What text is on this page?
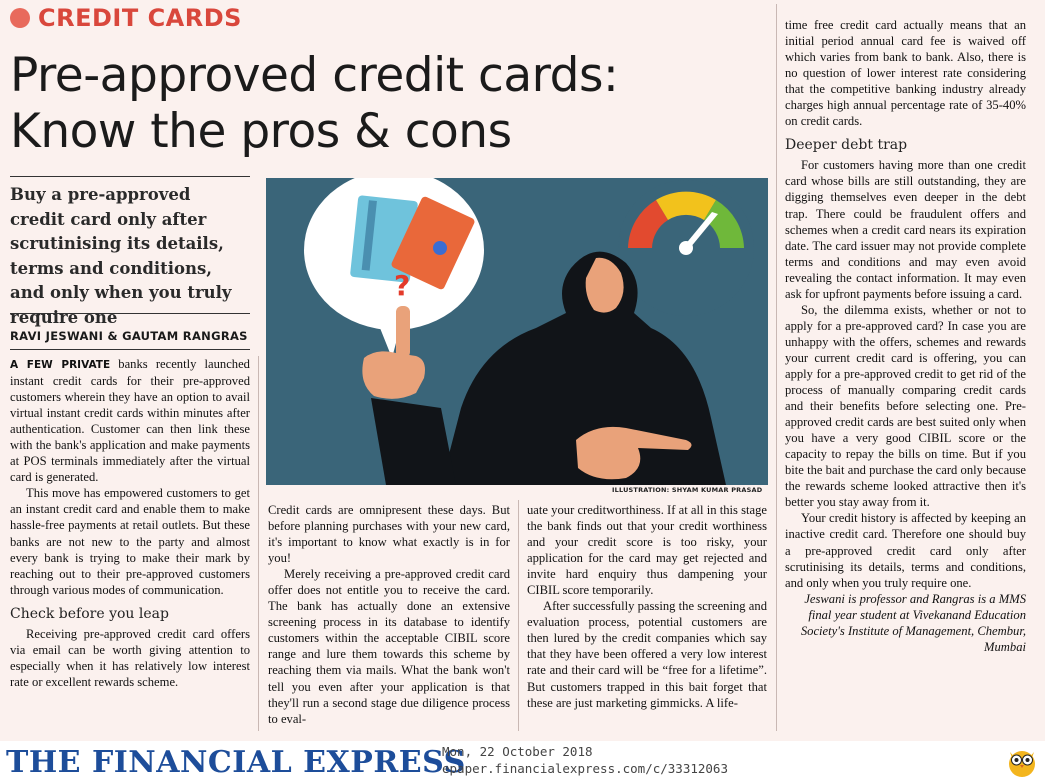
CREDIT CARDS
Pre-approved credit cards:
Know the pros & cons
Buy a pre-approved credit card only after scrutinising its details, terms and conditions, and only when you truly require one
RAVI JESWANI & GAUTAM RANGRAS

A FEW PRIVATE banks recently launched instant credit cards for their pre-approved customers wherein they have an option to avail virtual instant credit cards within minutes after authentication. Customer can then link these with the bank's application and make payments at POS terminals immediately after the virtual card is generated.

This move has empowered customers to get an instant credit card and enable them to make hassle-free payments at retail outlets. But these banks are not new to the party and almost every bank is trying to make their mark by reaching out to their pre-approved customers through various modes of communication.

Check before you leap

Receiving pre-approved credit card offers via email can be worth giving attention to especially when it has relatively low interest rate or excellent rewards scheme.

?
ILLUSTRATION: SHYAM KUMAR PRASAD

Credit cards are omnipresent these days. But before planning purchases with your new card, it's important to know what exactly is in for you!

Merely receiving a pre-approved credit card offer does not entitle you to receive the card. The bank has actually done an extensive screening process in its database to identify customers within the acceptable CIBIL score range and lure them towards this scheme by reaching them via mails. What the bank won't tell you even after your application is that they'll run a second stage due diligence process to eval-

uate your creditworthiness. If at all in this stage the bank finds out that your credit worthiness and your credit score is too risky, your application for the card may get rejected and invite hard enquiry thus dampening your CIBIL score temporarily.

After successfully passing the screening and evaluation process, potential customers are then lured by the credit companies which say that they have been offered a very low interest rate and their card will be “free for a lifetime”. But customers trapped in this bait forget that these are just marketing gimmicks. A life-

time free credit card actually means that an initial period annual card fee is waived off which varies from bank to bank. Also, there is no question of lower interest rate considering that the competitive banking industry already charges high annual percentage rate of 35-40% on credit cards.

Deeper debt trap

For customers having more than one credit card whose bills are still outstanding, they are digging themselves even deeper in the debt trap. There could be fraudulent offers and schemes when a credit card nears its expiration date. The card issuer may not provide complete terms and conditions and may even avoid revealing the contact information. It may even ask for upfront payments before issuing a card.

So, the dilemma exists, whether or not to apply for a pre-approved card? In case you are unhappy with the offers, schemes and rewards your current credit card is offering, you can apply for a pre-approved credit to get rid of the process of manually comparing credit cards and their benefits before selecting one. Pre-approved credit cards are best suited only when you have a very good CIBIL score or the capacity to repay the bills on time. But if you bite the bait and purchase the card only because the rewards scheme looked attractive then it's better you stay away from it.

Your credit history is affected by keeping an inactive credit card. Therefore one should buy a pre-approved credit card only after scrutinising its details, terms and conditions, and only when you truly require one.

Jeswani is professor and Rangras is a MMS final year student at Vivekanand Education Society's Institute of Management, Chembur, Mumbai

THE FINANCIAL EXPRESS
Mon, 22 October 2018
epaper.financialexpress.com/c/33312063
